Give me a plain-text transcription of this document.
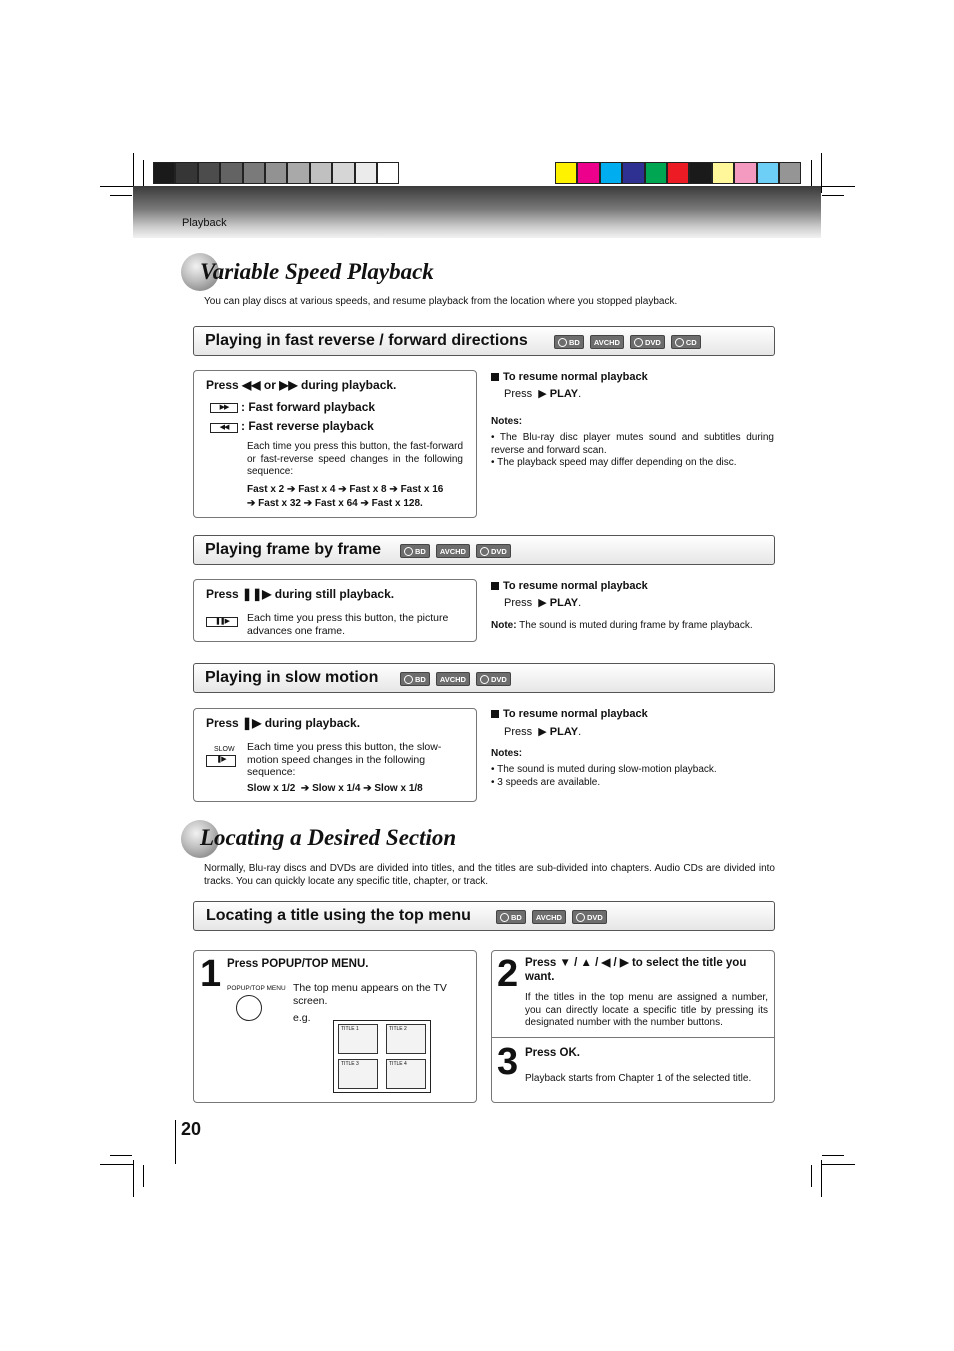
Playback
Variable Speed Playback
You can play discs at various speeds, and resume playback from the location where you stopped playback.
Playing in fast reverse / forward directions	BD AVCHD	DVD	CD
Press ◀◀ or ▶▶ during playback.
▶▶	: Fast forward playback
◀◀	: Fast reverse playback
Each time you press this button, the fast-forward or fast-reverse speed changes in the following sequence:
Fast x 2 ➔ Fast x 4 ➔ Fast x 8 ➔ Fast x 16
➔ Fast x 32 ➔ Fast x 64 ➔ Fast x 128.
To resume normal playback
Press ▶ PLAY.
Notes:
• The Blu-ray disc player mutes sound and subtitles during reverse and forward scan.
• The playback speed may differ depending on the disc.
Playing frame by frame	BD AVCHD	DVD
Press ❚❚▶ during still playback.
❚❚▶	Each time you press this button, the picture advances one frame.
To resume normal playback
Press ▶ PLAY.
Note: The sound is muted during frame by frame playback.
Playing in slow motion	BD AVCHD	DVD
Press ❚▶ during playback.
SLOW
❚▶
Each time you press this button, the slow-motion speed changes in the following sequence:
Slow x 1/2  ➔ Slow x 1/4 ➔ Slow x 1/8
To resume normal playback
Press ▶ PLAY.
Notes:
• The sound is muted during slow-motion playback.
• 3 speeds are available.
Locating a Desired Section
Normally, Blu-ray discs and DVDs are divided into titles, and the titles are sub-divided into chapters. Audio CDs are divided into tracks. You can quickly locate any specific title, chapter, or track.
Locating a title using the top menu	BD AVCHD	DVD
1 Press POPUP/TOP MENU.
POPUP/TOP MENU The top menu appears on the TV screen.
e.g.
TITLE 1	TITLE 2
TITLE 3	TITLE 4
2 Press ▼ / ▲ / ◀ / ▶ to select the title you want.
If the titles in the top menu are assigned a number, you can directly locate a specific title by pressing its designated number with the number buttons.
3 Press OK.
Playback starts from Chapter 1 of the selected title.
20
